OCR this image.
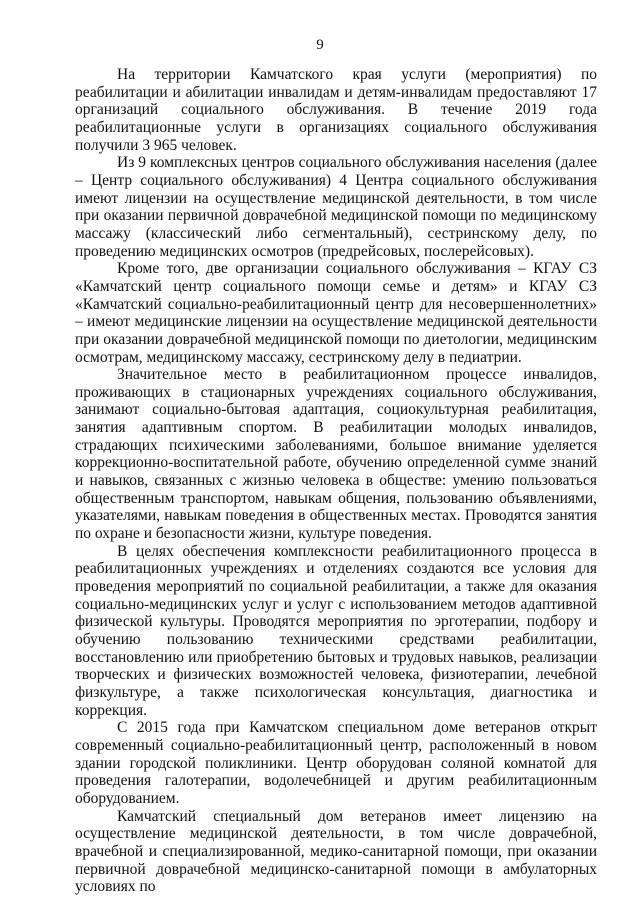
9

На территории Камчатского края услуги (мероприятия) по реабилитации и абилитации инвалидам и детям-инвалидам предоставляют 17 организаций социального обслуживания. В течение 2019 года реабилитационные услуги в организациях социального обслуживания получили 3 965 человек.

Из 9 комплексных центров социального обслуживания населения (далее – Центр социального обслуживания) 4 Центра социального обслуживания имеют лицензии на осуществление медицинской деятельности, в том числе при оказании первичной доврачебной медицинской помощи по медицинскому массажу (классический либо сегментальный), сестринскому делу, по проведению медицинских осмотров (предрейсовых, послерейсовых).

Кроме того, две организации социального обслуживания – КГАУ СЗ «Камчатский центр социального помощи семье и детям» и КГАУ СЗ «Камчатский социально-реабилитационный центр для несовершеннолетних» – имеют медицинские лицензии на осуществление медицинской деятельности при оказании доврачебной медицинской помощи по диетологии, медицинским осмотрам, медицинскому массажу, сестринскому делу в педиатрии.

Значительное место в реабилитационном процессе инвалидов, проживающих в стационарных учреждениях социального обслуживания, занимают социально-бытовая адаптация, социокультурная реабилитация, занятия адаптивным спортом. В реабилитации молодых инвалидов, страдающих психическими заболеваниями, большое внимание уделяется коррекционно-воспитательной работе, обучению определенной сумме знаний и навыков, связанных с жизнью человека в обществе: умению пользоваться общественным транспортом, навыкам общения, пользованию объявлениями, указателями, навыкам поведения в общественных местах. Проводятся занятия по охране и безопасности жизни, культуре поведения.

В целях обеспечения комплексности реабилитационного процесса в реабилитационных учреждениях и отделениях создаются все условия для проведения мероприятий по социальной реабилитации, а также для оказания социально-медицинских услуг и услуг с использованием методов адаптивной физической культуры. Проводятся мероприятия по эрготерапии, подбору и обучению пользованию техническими средствами реабилитации, восстановлению или приобретению бытовых и трудовых навыков, реализации творческих и физических возможностей человека, физиотерапии, лечебной физкультуре, а также психологическая консультация, диагностика и коррекция.

С 2015 года при Камчатском специальном доме ветеранов открыт современный социально-реабилитационный центр, расположенный в новом здании городской поликлиники. Центр оборудован соляной комнатой для проведения галотерапии, водолечебницей и другим реабилитационным оборудованием.

Камчатский специальный дом ветеранов имеет лицензию на осуществление медицинской деятельности, в том числе доврачебной, врачебной и специализированной, медико-санитарной помощи, при оказании первичной доврачебной медицинско-санитарной помощи в амбулаторных условиях по
